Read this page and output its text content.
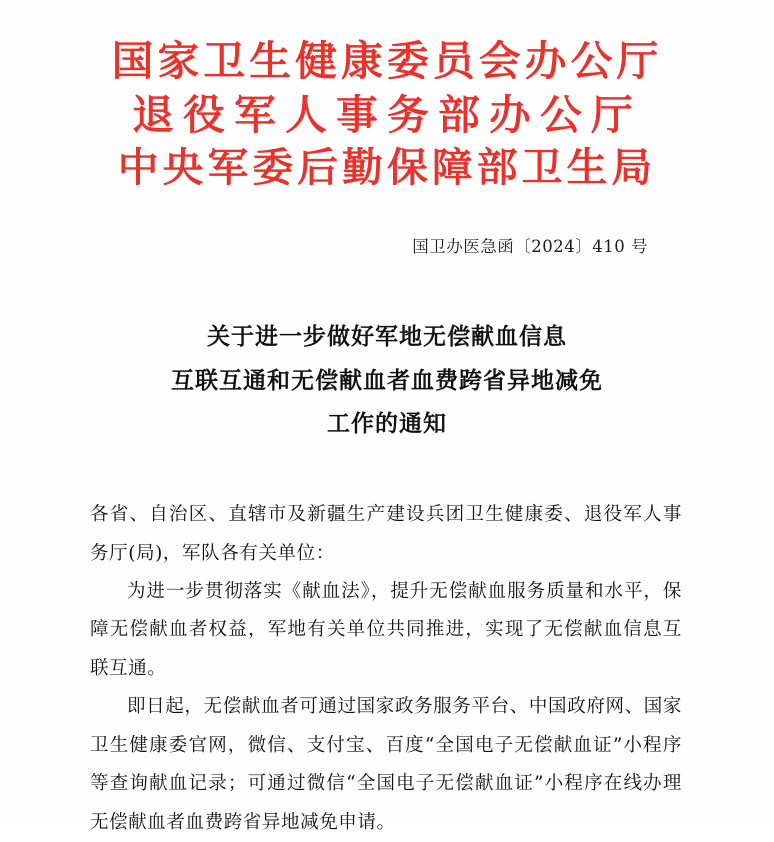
国家卫生健康委员会办公厅
退役军人事务部办公厅
中央军委后勤保障部卫生局
国卫办医急函〔2024〕410 号
关于进一步做好军地无偿献血信息
互联互通和无偿献血者血费跨省异地减免
工作的通知

各省、自治区、直辖市及新疆生产建设兵团卫生健康委、退役军人事务厅(局)，军队各有关单位：

为进一步贯彻落实《献血法》，提升无偿献血服务质量和水平，保障无偿献血者权益，军地有关单位共同推进，实现了无偿献血信息互联互通。

即日起，无偿献血者可通过国家政务服务平台、中国政府网、国家卫生健康委官网，微信、支付宝、百度“全国电子无偿献血证”小程序等查询献血记录；可通过微信“全国电子无偿献血证”小程序在线办理无偿献血者血费跨省异地减免申请。
